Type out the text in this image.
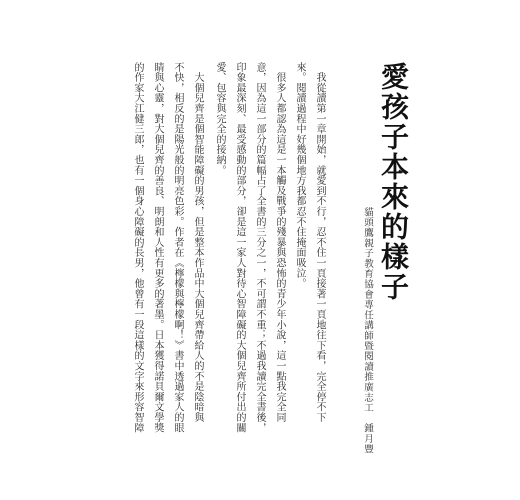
愛孩子本來的樣子
貓頭鷹親子教育協會專任講師暨閱讀推廣志工　鍾月豐
　我從讀第一章開始，就愛到不行，忍不住一頁接著一頁地往下看，完全停不下
來。閱讀過程中好幾個地方我都忍不住掩面吸泣。
　很多人都認為這是一本觸及戰爭的殘暴與恐怖的青少年小說，這一點我完全同
意，因為這一部分的篇幅占了全書的三分之一，不可謂不重；不過我讀完全書後，
印象最深刻、最受感動的部分，卻是這一家人對待心智障礙的大個兒齊所付出的關
愛、包容與完全的接納。
　大個兒齊是個智能障礙的男孩，但是整本作品中大個兒齊帶給人的不是陰暗與
不快，相反的是陽光般的明亮色彩。作者在《檸檬與檸檬啊！》書中透過家人的眼
睛與心靈，對大個兒齊的善良、明朗和人性有更多的著墨。日本獲得諾貝爾文學獎
的作家大江健三郎，也有一個身心障礙的長男，他曾有一段這樣的文字來形容智障
